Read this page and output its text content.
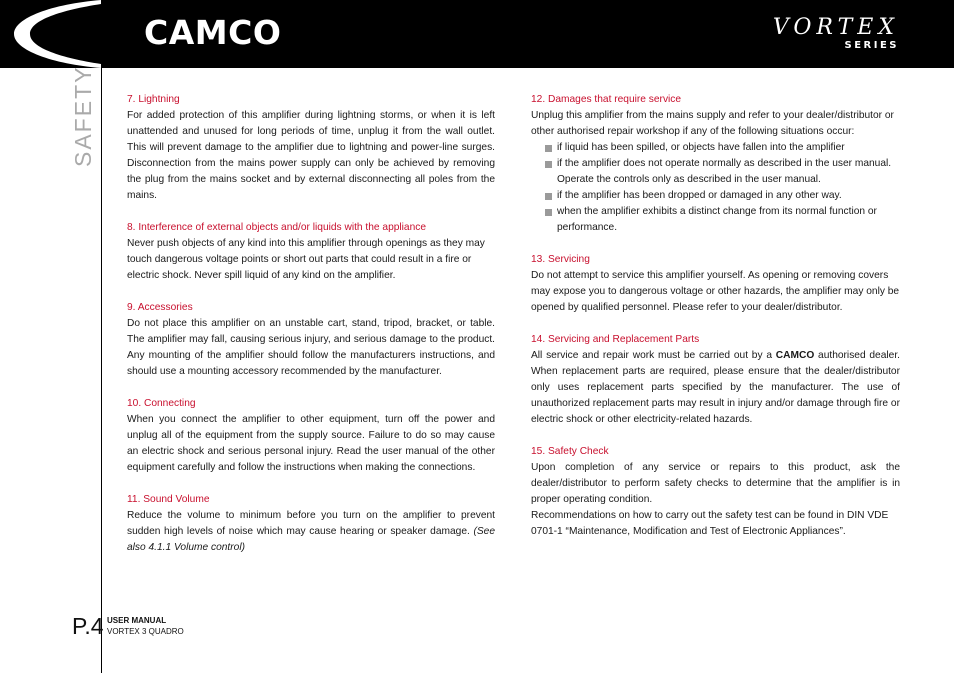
CAMCO	VORTEX
SERIES
SAFETY
P.4 USER MANUAL
VORTEX 3 QUADRO
7. Lightning

For added protection of this amplifier during lightning storms, or when it is left unattended and unused for long periods of time, unplug it from the wall outlet. This will prevent damage to the amplifier due to lightning and power-line surges. Disconnection from the mains power supply can only be achieved by removing the plug from the mains socket and by external disconnecting all poles from the mains.

8. Interference of external objects and/or liquids with the appliance

Never push objects of any kind into this amplifier through openings as they may touch dangerous voltage points or short out parts that could result in a fire or electric shock. Never spill liquid of any kind on the amplifier.

9. Accessories

Do not place this amplifier on an unstable cart, stand, tripod, bracket, or table. The amplifier may fall, causing serious injury, and serious damage to the product. Any mounting of the amplifier should follow the manufacturers instructions, and should use a mounting accessory recommended by the manufacturer.

10. Connecting

When you connect the amplifier to other equipment, turn off the power and unplug all of the equipment from the supply source. Failure to do so may cause an electric shock and serious personal injury. Read the user manual of the other equipment carefully and follow the instructions when making the connections.

11. Sound Volume

Reduce the volume to minimum before you turn on the amplifier to prevent sudden high levels of noise which may cause hearing or speaker damage. (See also 4.1.1 Volume control)

12. Damages that require service

Unplug this amplifier from the mains supply and refer to your dealer/distributor or other authorised repair workshop if any of the following situations occur:

if liquid has been spilled, or objects have fallen into the amplifier
if the amplifier does not operate normally as described in the user manual. Operate the controls only as described in the user manual.
if the amplifier has been dropped or damaged in any other way.
when the amplifier exhibits a distinct change from its normal function or performance.
13. Servicing

Do not attempt to service this amplifier yourself. As opening or removing covers may expose you to dangerous voltage or other hazards, the amplifier may only be opened by qualified personnel. Please refer to your dealer/distributor.

14. Servicing and Replacement Parts

All service and repair work must be carried out by a CAMCO authorised dealer. When replacement parts are required, please ensure that the dealer/distributor only uses replacement parts specified by the manufacturer. The use of unauthorized replacement parts may result in injury and/or damage through fire or electric shock or other electricity-related hazards.

15. Safety Check

Upon completion of any service or repairs to this product, ask the dealer/distributor to perform safety checks to determine that the amplifier is in proper operating condition.

Recommendations on how to carry out the safety test can be found in DIN VDE 0701-1 “Maintenance, Modification and Test of Electronic Appliances”.
